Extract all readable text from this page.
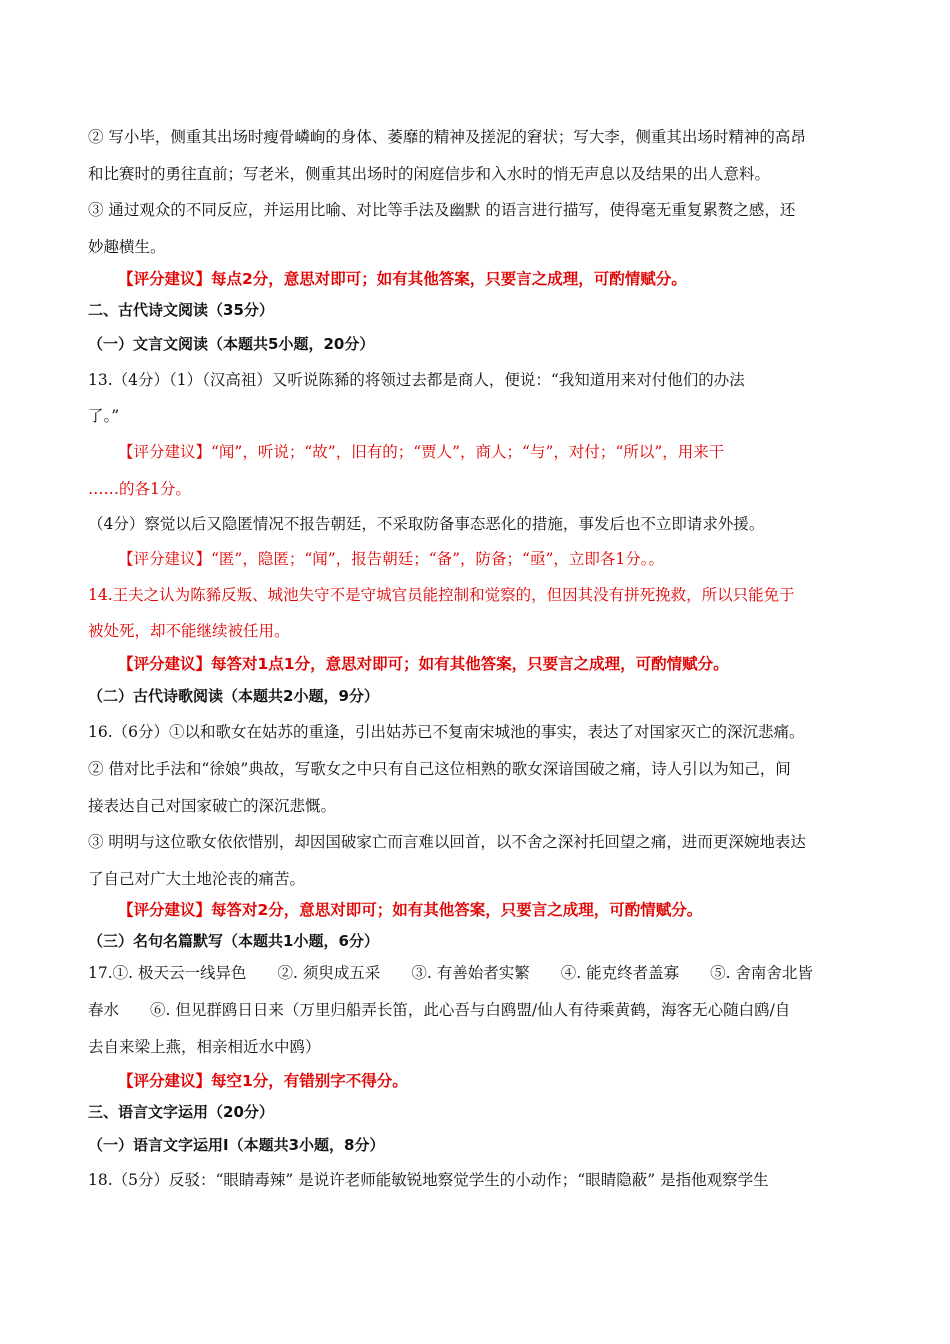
② 写小毕，侧重其出场时瘦骨嶙峋的身体、萎靡的精神及搓泥的窘状；写大李，侧重其出场时精神的高昂
和比赛时的勇往直前；写老米，侧重其出场时的闲庭信步和入水时的悄无声息以及结果的出人意料。
③ 通过观众的不同反应，并运用比喻、对比等手法及幽默 的语言进行描写，使得毫无重复累赘之感，还
妙趣横生。
【评分建议】每点2分，意思对即可；如有其他答案，只要言之成理，可酌情赋分。
二、古代诗文阅读（35分）
（一）文言文阅读（本题共5小题，20分）
13.（4分）（1）（汉高祖）又听说陈豨的将领过去都是商人，便说：“我知道用来对付他们的办法
了。”
【评分建议】“闻”，听说；“故”，旧有的；“贾人”，商人；“与”，对付；“所以”，用来干
……的各1分。
（4分）察觉以后又隐匿情况不报告朝廷，不采取防备事态恶化的措施，事发后也不立即请求外援。
【评分建议】“匿”，隐匿；“闻”，报告朝廷；“备”，防备；“亟”，立即各1分。。
14.王夫之认为陈豨反叛、城池失守不是守城官员能控制和觉察的，但因其没有拼死挽救，所以只能免于
被处死，却不能继续被任用。
【评分建议】每答对1点1分，意思对即可；如有其他答案，只要言之成理，可酌情赋分。
（二）古代诗歌阅读（本题共2小题，9分）
16.（6分）①以和歌女在姑苏的重逢，引出姑苏已不复南宋城池的事实，表达了对国家灭亡的深沉悲痛。
② 借对比手法和“徐娘”典故，写歌女之中只有自己这位相熟的歌女深谙国破之痛，诗人引以为知己，间
接表达自己对国家破亡的深沉悲慨。
③ 明明与这位歌女依依惜别，却因国破家亡而言难以回首，以不舍之深衬托回望之痛，进而更深婉地表达
了自己对广大土地沦丧的痛苦。
【评分建议】每答对2分，意思对即可；如有其他答案，只要言之成理，可酌情赋分。
（三）名句名篇默写（本题共1小题，6分）
17.①. 极天云一线异色　　②. 须臾成五采　　③. 有善始者实繁　　④. 能克终者盖寡　　⑤. 舍南舍北皆
春水　　⑥. 但见群鸥日日来（万里归船弄长笛，此心吾与白鸥盟/仙人有待乘黄鹤，海客无心随白鸥/自
去自来梁上燕，相亲相近水中鸥）
【评分建议】每空1分，有错别字不得分。
三、语言文字运用（20分）
（一）语言文字运用Ⅰ（本题共3小题，8分）
18.（5分）反驳：“眼睛毒辣” 是说许老师能敏锐地察觉学生的小动作；“眼睛隐蔽” 是指他观察学生
